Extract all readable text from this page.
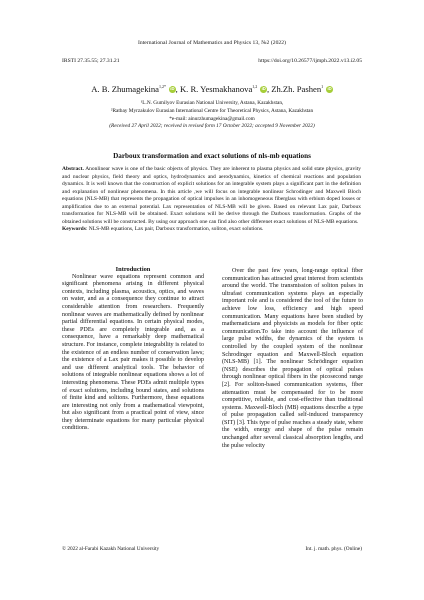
International Journal of Mathematics and Physics 13, №2 (2022)
IRSTI 27.35.55; 27.31.21	https://doi.org/10.26577/ijmph.2022.v13.i2.05
A. B. Zhumagekina$^{1,2*}$ iD, K. R. Yesmakhanova$^{1,2}$ iD, Zh.Zh. Pashen$^1$ iD
¹L.N. Gumilyov Eurasian National University, Astana, Kazakhstan,
²Ratbay Myrzakulov Eurasian International Centre for Theoretical Physics, Astana, Kazakhstan
*e-mail: ainurzhumagekina@gmail.com
(Received 27 April 2022; received in revised form 17 October 2022; accepted 9 November 2022)
Darboux transformation and exact solutions of nls-mb equations
Abstract. Anonlinear wave is one of the basic objects of physics. They are inherent to plasma physics and solid state physics, gravity and nuclear physics, field theory and optics, hydrodynamics and aerodynamics, kinetics of chemical reactions and population dynamics. It is well known that the construction of explicit solutions for an integrable system plays a significant part in the definition and explanation of nonlinear phenomena. In this article ,we will focus on integrable nonlinear Schrodinger and Maxwell Bloch equations (NLS-MB) that represents the propagation of optical impulses in an inhomogeneous fiberglass with erbium doped losses or amplification due to an external potential. Lax representation of NLS-MB will be given. Based on relevant Lax pair, Darboux transformation for NLS-MB will be obtained. Exact solutions will be derive through the Darboux transformation. Graphs of the obtained solutions will be constructed. By using our approach one can find also other differenet exact solutions of NLS-MB equations.
Keywords: NLS-MB equations, Lax pair, Darboux transformation, soliton, exact solutions.

Introduction

Nonlinear wave equations represent common and significant phenomena arising in different physical contexts, including plasma, acoustics, optics, and waves on water, and as a consequence they continue to attract considerable attention from researchers. Frequently nonlinear waves are mathematically defined by nonlinear partial differential equations. In certain physical modes, these PDEs are completely integrable and, as a consequence, have a remarkably deep mathematical structure. For instance, complete integrability is related to the existence of an endless number of conservation laws; the existence of a Lax pair makes it possible to develop and use different analytical tools. The behavior of solutions of integrable nonlinear equations shows a lot of interesting phenomena. These PDEs admit multiple types of exact solutions, including bound states, and solutions of finite kind and solitons. Furthermore, these equations are interesting not only from a mathematical viewpoint, but also significant from a practical point of view, since they determinate equations for many particular physical conditions.

Over the past few years, long-range optical fiber communication has attracted great interest from scientists around the world. The transmission of soliton pulses in ultrafast communication systems plays an especially important role and is considered the tool of the future to achieve low loss, efficiency and high speed communication. Many equations have been studied by mathematicians and physicists as models for fiber optic communication.To take into account the influence of large pulse widths, the dynamics of the system is controlled by the coupled system of the nonlinear Schrodinger equation and Maxwell-Bloch equation (NLS-MB) [1]. The nonlinear Schrödinger equation (NSE) describes the propagation of optical pulses through nonlinear optical fibers in the picosecond range [2]. For soliton-based communication systems, fiber attenuation must be compensated for to be more competitive, reliable, and cost-effective than traditional systems. Maxwell-Bloch (MB) equations describe a type of pulse propagation called self-induced transparency (SIT) [3]. This type of pulse reaches a steady state, where the width, energy and shape of the pulse remain unchanged after several classical absorption lengths, and the pulse velocity

© 2022 al-Farabi Kazakh National University	Int. j. math. phys. (Online)
